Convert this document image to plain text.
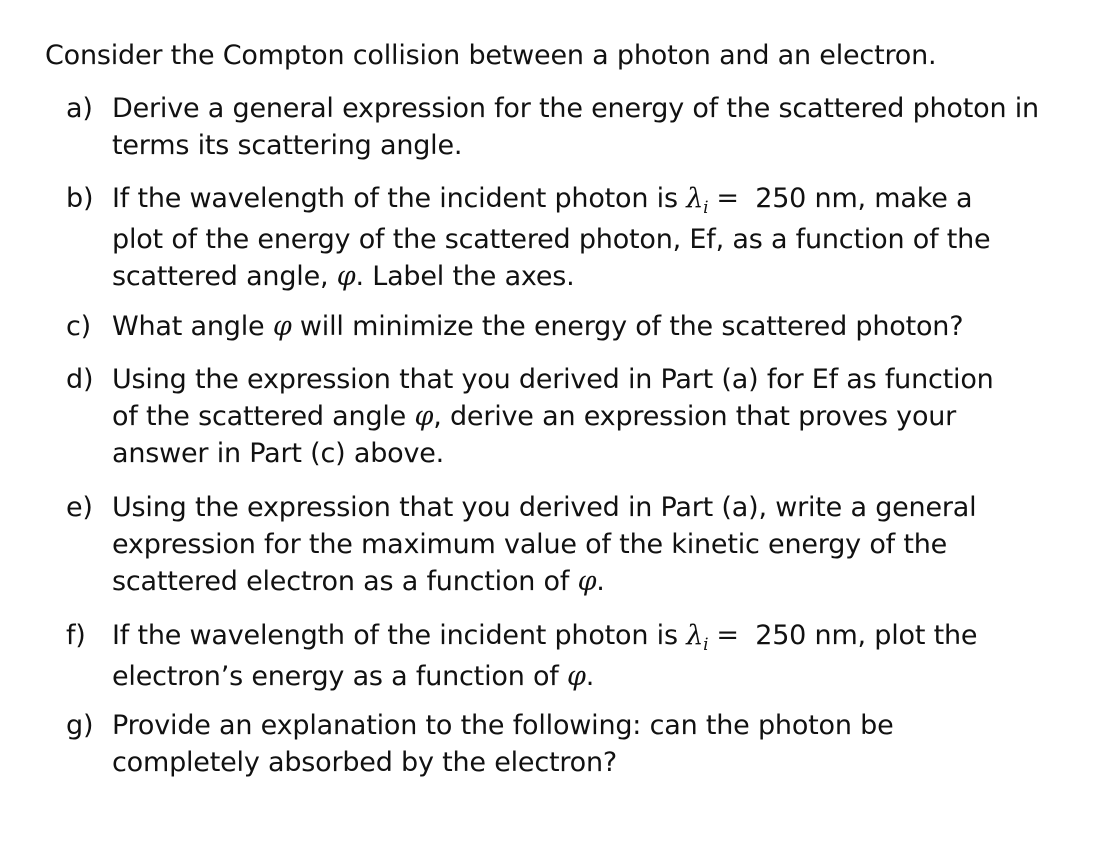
Consider the Compton collision between a photon and an electron.
a) Derive a general expression for the energy of the scattered photon in
terms its scattering angle.
b) If the wavelength of the incident photon is $\lambda_i = 250$ nm, make a
plot of the energy of the scattered photon, Ef, as a function of the
scattered angle, φ. Label the axes.
c) What angle φ will minimize the energy of the scattered photon?
d) Using the expression that you derived in Part (a) for Ef as function
of the scattered angle φ, derive an expression that proves your
answer in Part (c) above.
e) Using the expression that you derived in Part (a), write a general
expression for the maximum value of the kinetic energy of the
scattered electron as a function of φ.
f) If the wavelength of the incident photon is $\lambda_i = 250$ nm, plot the
electron’s energy as a function of φ.
g) Provide an explanation to the following: can the photon be
completely absorbed by the electron?
